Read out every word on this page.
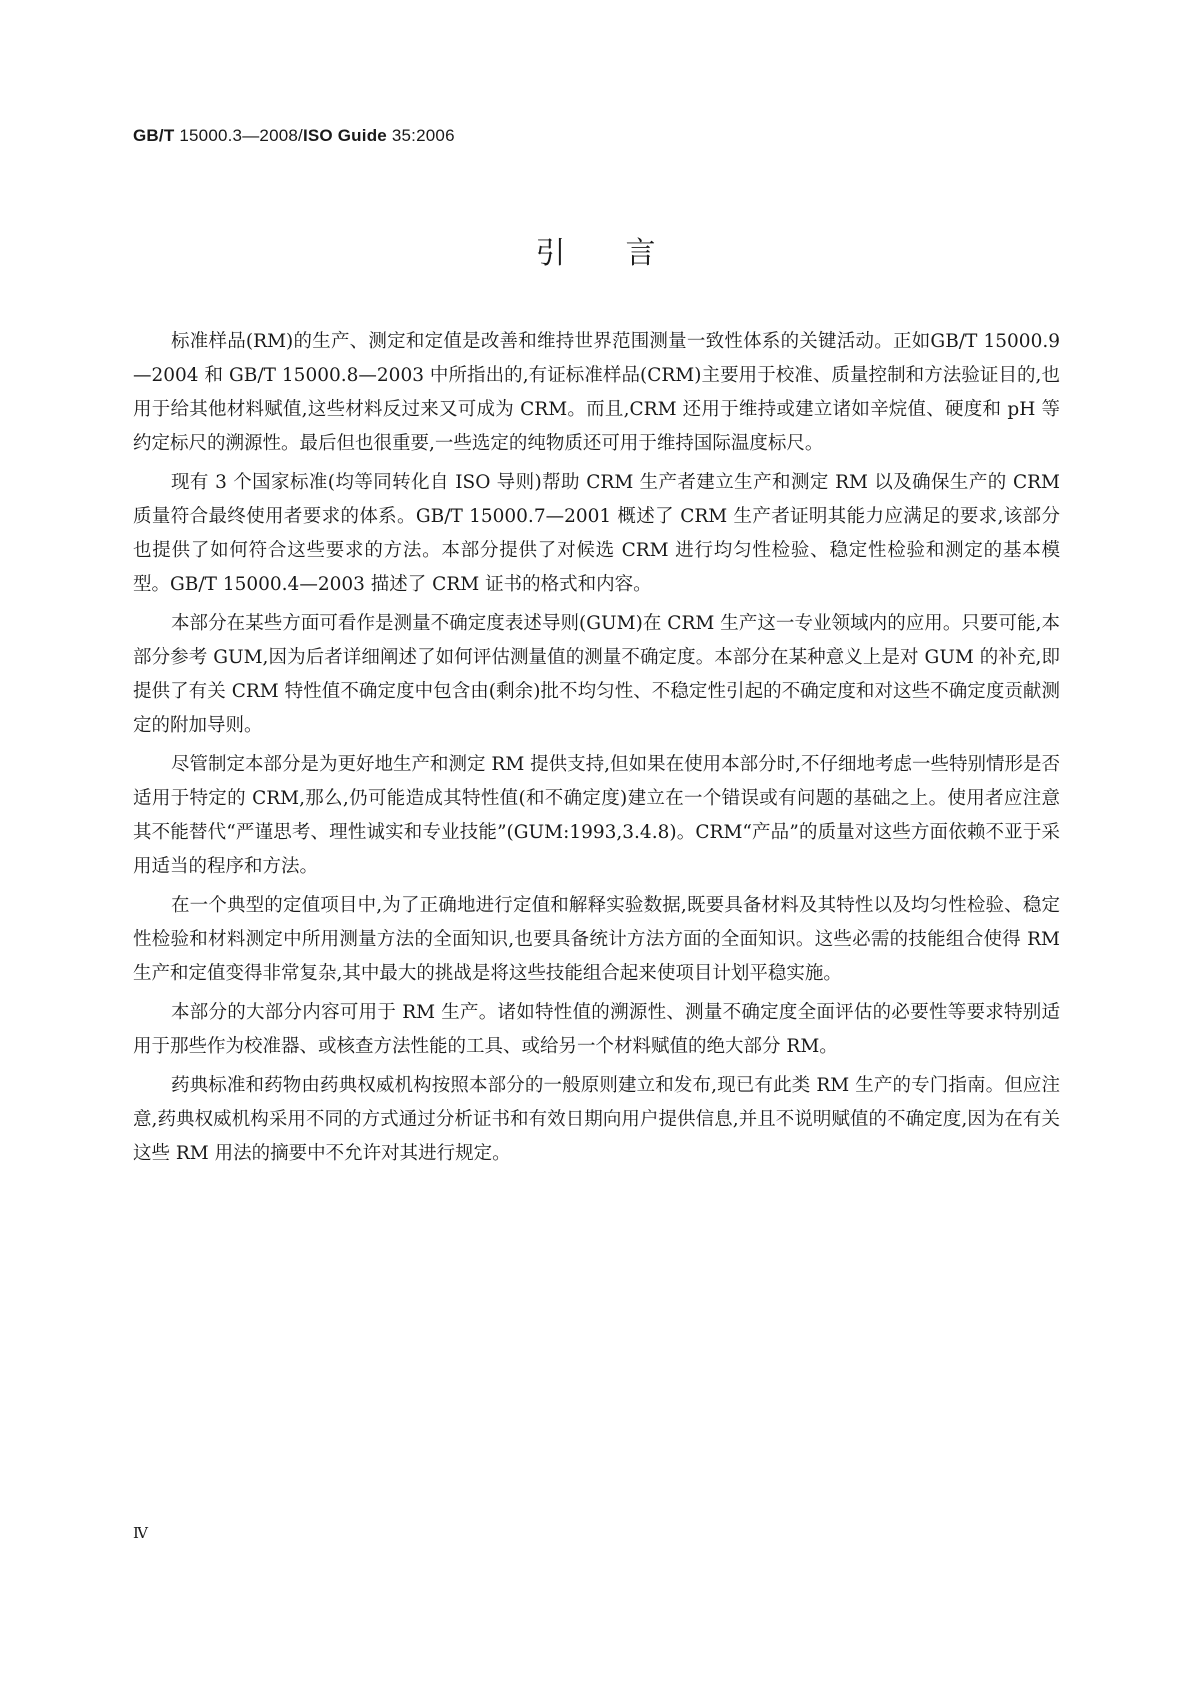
GB/T 15000.3—2008/ISO Guide 35:2006
引言

标准样品(RM)的生产、测定和定值是改善和维持世界范围测量一致性体系的关键活动。正如GB/T 15000.9—2004 和 GB/T 15000.8—2003 中所指出的,有证标准样品(CRM)主要用于校准、质量控制和方法验证目的,也用于给其他材料赋值,这些材料反过来又可成为 CRM。而且,CRM 还用于维持或建立诸如辛烷值、硬度和 pH 等约定标尺的溯源性。最后但也很重要,一些选定的纯物质还可用于维持国际温度标尺。

现有 3 个国家标准(均等同转化自 ISO 导则)帮助 CRM 生产者建立生产和测定 RM 以及确保生产的 CRM 质量符合最终使用者要求的体系。GB/T 15000.7—2001 概述了 CRM 生产者证明其能力应满足的要求,该部分也提供了如何符合这些要求的方法。本部分提供了对候选 CRM 进行均匀性检验、稳定性检验和测定的基本模型。GB/T 15000.4—2003 描述了 CRM 证书的格式和内容。

本部分在某些方面可看作是测量不确定度表述导则(GUM)在 CRM 生产这一专业领域内的应用。只要可能,本部分参考 GUM,因为后者详细阐述了如何评估测量值的测量不确定度。本部分在某种意义上是对 GUM 的补充,即提供了有关 CRM 特性值不确定度中包含由(剩余)批不均匀性、不稳定性引起的不确定度和对这些不确定度贡献测定的附加导则。

尽管制定本部分是为更好地生产和测定 RM 提供支持,但如果在使用本部分时,不仔细地考虑一些特别情形是否适用于特定的 CRM,那么,仍可能造成其特性值(和不确定度)建立在一个错误或有问题的基础之上。使用者应注意其不能替代“严谨思考、理性诚实和专业技能”(GUM:1993,3.4.8)。CRM“产品”的质量对这些方面依赖不亚于采用适当的程序和方法。

在一个典型的定值项目中,为了正确地进行定值和解释实验数据,既要具备材料及其特性以及均匀性检验、稳定性检验和材料测定中所用测量方法的全面知识,也要具备统计方法方面的全面知识。这些必需的技能组合使得 RM 生产和定值变得非常复杂,其中最大的挑战是将这些技能组合起来使项目计划平稳实施。

本部分的大部分内容可用于 RM 生产。诸如特性值的溯源性、测量不确定度全面评估的必要性等要求特别适用于那些作为校准器、或核查方法性能的工具、或给另一个材料赋值的绝大部分 RM。

药典标准和药物由药典权威机构按照本部分的一般原则建立和发布,现已有此类 RM 生产的专门指南。但应注意,药典权威机构采用不同的方式通过分析证书和有效日期向用户提供信息,并且不说明赋值的不确定度,因为在有关这些 RM 用法的摘要中不允许对其进行规定。

Ⅳ
